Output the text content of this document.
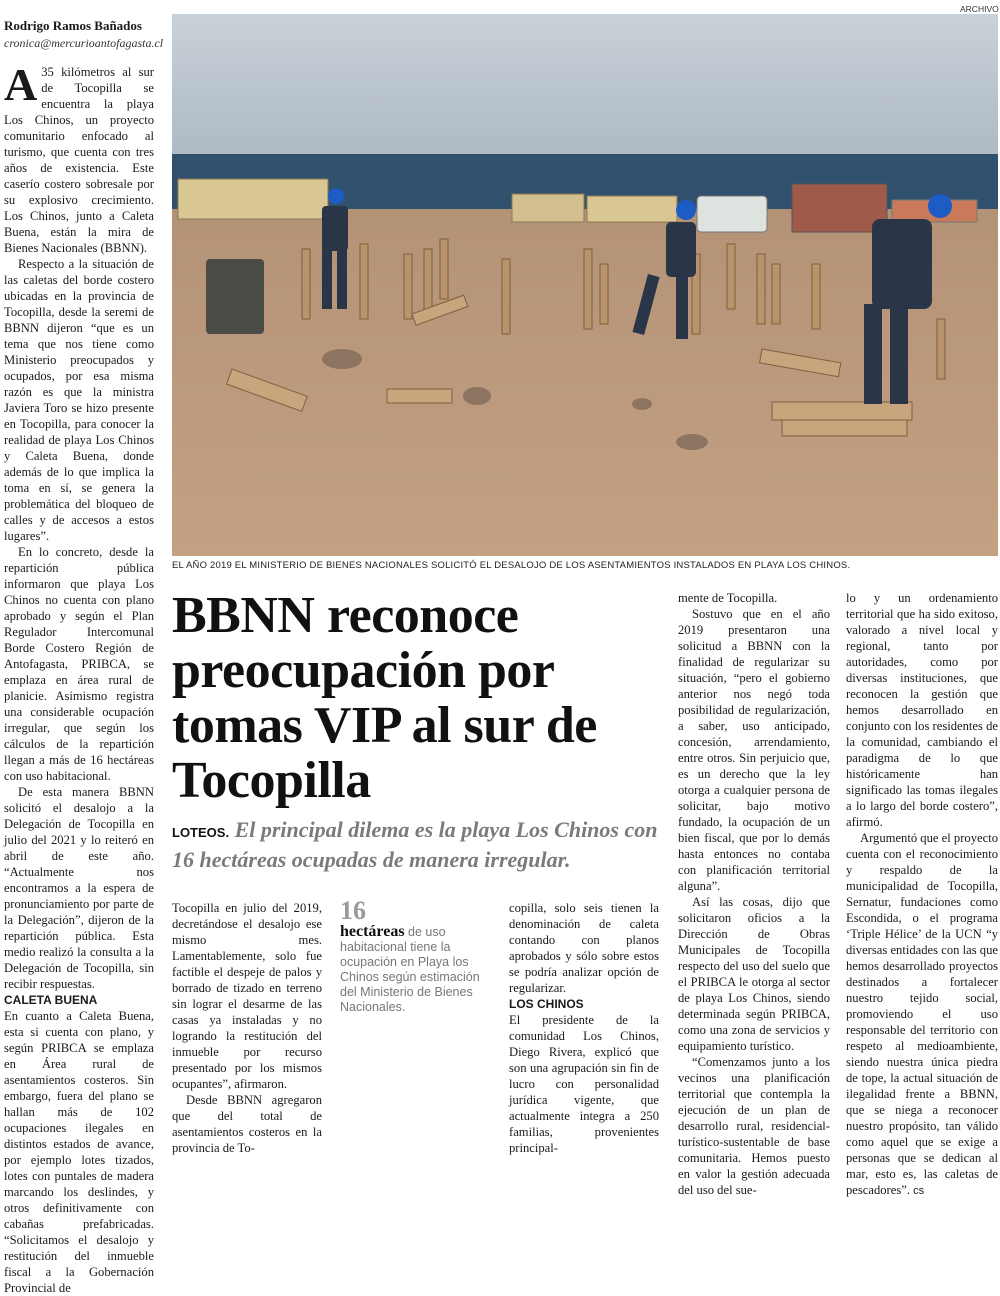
Rodrigo Ramos Bañados
cronica@mercurioantofagasta.cl

A 35 kilómetros al sur de Tocopilla se encuentra la playa Los Chinos, un proyecto comunitario enfocado al turismo, que cuenta con tres años de existencia. Este caserío costero sobresale por su explosivo crecimiento. Los Chinos, junto a Caleta Buena, están la mira de Bienes Nacionales (BBNN).

Respecto a la situación de las caletas del borde costero ubicadas en la provincia de Tocopilla, desde la seremi de BBNN dijeron “que es un tema que nos tiene como Ministerio preocupados y ocupados, por esa misma razón es que la ministra Javiera Toro se hizo presente en Tocopilla, para conocer la realidad de playa Los Chinos y Caleta Buena, donde además de lo que implica la toma en sí, se genera la problemática del bloqueo de calles y de accesos a estos lugares”.

En lo concreto, desde la repartición pública informaron que playa Los Chinos no cuenta con plano aprobado y según el Plan Regulador Intercomunal Borde Costero Región de Antofagasta, PRIBCA, se emplaza en área rural de planicie. Asimismo registra una considerable ocupación irregular, que según los cálculos de la repartición llegan a más de 16 hectáreas con uso habitacional.

De esta manera BBNN solicitó el desalojo a la Delegación de Tocopilla en julio del 2021 y lo reiteró en abril de este año. “Actualmente nos encontramos a la espera de pronunciamiento por parte de la Delegación”, dijeron de la repartición pública. Esta medio realizó la consulta a la Delegación de Tocopilla, sin recibir respuestas.

CALETA BUENA

En cuanto a Caleta Buena, esta si cuenta con plano, y según PRIBCA se emplaza en Área rural de asentamientos costeros. Sin embargo, fuera del plano se hallan más de 102 ocupaciones ilegales en distintos estados de avance, por ejemplo lotes tizados, lotes con puntales de madera marcando los deslindes, y otros definitivamente con cabañas prefabricadas. “Solicitamos el desalojo y restitución del inmueble fiscal a la Gobernación Provincial de

ARCHIVO
EL AÑO 2019 EL MINISTERIO DE BIENES NACIONALES SOLICITÓ EL DESALOJO DE LOS ASENTAMIENTOS INSTALADOS EN PLAYA LOS CHINOS.
BBNN reconoce preocupación por tomas VIP al sur de Tocopilla
LOTEOS. El principal dilema es la playa Los Chinos con 16 hectáreas ocupadas de manera irregular.

Tocopilla en julio del 2019, decretándose el desalojo ese mismo mes. Lamentablemente, solo fue factible el despeje de palos y borrado de tizado en terreno sin lograr el desarme de las casas ya instaladas y no logrando la restitución del inmueble por recurso presentado por los mismos ocupantes”, afirmaron.

Desde BBNN agregaron que del total de asentamientos costeros en la provincia de To-

16
hectáreas de uso habitacional tiene la ocupación en Playa los Chinos según estimación del Ministerio de Bienes Nacionales.

copilla, solo seis tienen la denominación de caleta contando con planos aprobados y sólo sobre estos se podría analizar opción de regularizar.

LOS CHINOS

El presidente de la comunidad Los Chinos, Diego Rivera, explicó que son una agrupación sin fin de lucro con personalidad jurídica vigente, que actualmente integra a 250 familias, provenientes principal-

mente de Tocopilla.

Sostuvo que en el año 2019 presentaron una solicitud a BBNN con la finalidad de regularizar su situación, “pero el gobierno anterior nos negó toda posibilidad de regularización, a saber, uso anticipado, concesión, arrendamiento, entre otros. Sin perjuicio que, es un derecho que la ley otorga a cualquier persona de solicitar, bajo motivo fundado, la ocupación de un bien fiscal, que por lo demás hasta entonces no contaba con planificación territorial alguna”.

Así las cosas, dijo que solicitaron oficios a la Dirección de Obras Municipales de Tocopilla respecto del uso del suelo que el PRIBCA le otorga al sector de playa Los Chinos, siendo determinada según PRIBCA, como una zona de servicios y equipamiento turístico.

“Comenzamos junto a los vecinos una planificación territorial que contempla la ejecución de un plan de desarrollo rural, residencial-turístico-sustentable de base comunitaria. Hemos puesto en valor la gestión adecuada del uso del sue-

lo y un ordenamiento territorial que ha sido exitoso, valorado a nivel local y regional, tanto por autoridades, como por diversas instituciones, que reconocen la gestión que hemos desarrollado en conjunto con los residentes de la comunidad, cambiando el paradigma de lo que históricamente han significado las tomas ilegales a lo largo del borde costero”, afirmó.

Argumentó que el proyecto cuenta con el reconocimiento y respaldo de la municipalidad de Tocopilla, Sernatur, fundaciones como Escondida, o el programa ‘Triple Hélice’ de la UCN “y diversas entidades con las que hemos desarrollado proyectos destinados a fortalecer nuestro tejido social, promoviendo el uso responsable del territorio con respeto al medioambiente, siendo nuestra única piedra de tope, la actual situación de ilegalidad frente a BBNN, que se niega a reconocer nuestro propósito, tan válido como aquel que se exige a personas que se dedican al mar, esto es, las caletas de pescadores”. cs
